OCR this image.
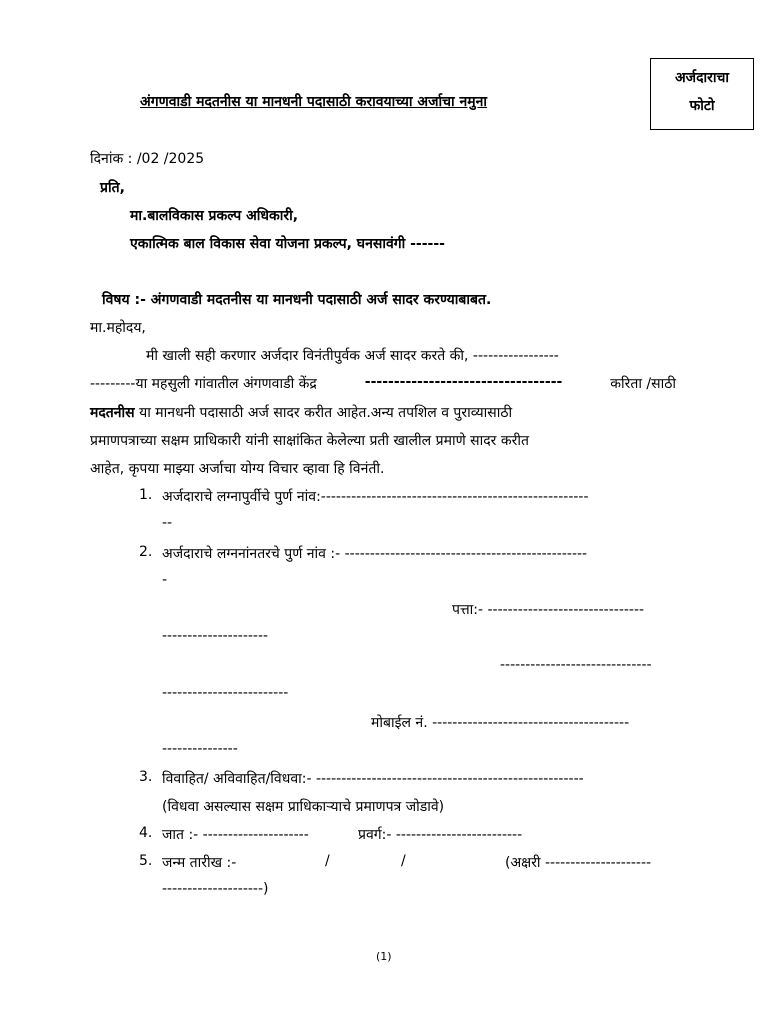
अर्जदाराचा
फोटो
अंगणवाडी मदतनीस या मानधनी पदासाठी करावयाच्या अर्जाचा नमुना
दिनांक : /02 /2025
प्रति,
मा.बालविकास प्रकल्प अधिकारी,
एकात्मिक बाल विकास सेवा योजना प्रकल्प, घनसावंगी ------
विषय :- अंगणवाडी मदतनीस या मानधनी पदासाठी अर्ज सादर करण्याबाबत.
मा.महोदय,
मी खाली सही करणार अर्जदार विनंतीपुर्वक अर्ज सादर करते की, -----------------
---------या महसुली गांवातील अंगणवाडी केंद्र	----------------------------------	करिता /साठी
मदतनीस या मानधनी पदासाठी अर्ज सादर करीत आहेत.अन्य तपशिल व पुराव्यासाठी
प्रमाणपत्राच्या सक्षम प्राधिकारी यांनी साक्षांकित केलेल्या प्रती खालील प्रमाणे सादर करीत
आहेत, कृपया माझ्या अर्जाचा योग्य विचार व्हावा हि विनंती.
1. अर्जदाराचे लग्नापुर्वीचे पुर्ण नांव:-----------------------------------------------------
--
2. अर्जदाराचे लग्ननांनतरचे पुर्ण नांव :- ------------------------------------------------
-
पत्ता:- -------------------------------
---------------------
------------------------------
-------------------------
मोबाईल नं. ---------------------------------------
---------------
3. विवाहित/ अविवाहित/विधवा:- -----------------------------------------------------
(विधवा असल्यास सक्षम प्राधिकाऱ्याचे प्रमाणपत्र जोडावे)
4. जात :- ---------------------	प्रवर्ग:- -------------------------
5. जन्म तारीख :-	/	/	(अक्षरी ---------------------
--------------------)
(1)
